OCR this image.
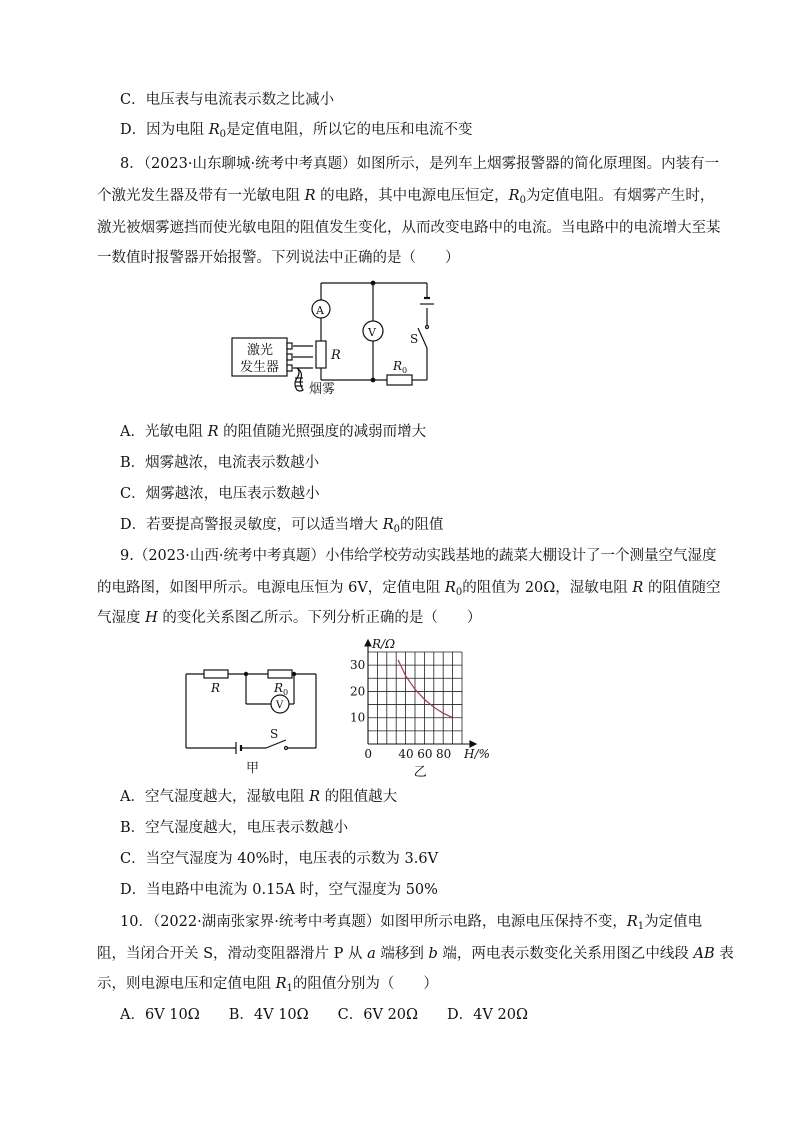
C．电压表与电流表示数之比减小
D．因为电阻 $R_0$是定值电阻，所以它的电压和电流不变
8．（2023·山东聊城·统考中考真题）如图所示，是列车上烟雾报警器的简化原理图。内装有一
个激光发生器及带有一光敏电阻 R 的电路，其中电源电压恒定，$R_0$为定值电阻。有烟雾产生时，
激光被烟雾遮挡而使光敏电阻的阻值发生变化，从而改变电路中的电流。当电路中的电流增大至某
一数值时报警器开始报警。下列说法中正确的是（　　）
激光
发生器
A
V
R
R 0
S
烟雾
A．光敏电阻 R 的阻值随光照强度的减弱而增大
B．烟雾越浓，电流表示数越小
C．烟雾越浓，电压表示数越小
D．若要提高警报灵敏度，可以适当增大 $R_0$的阻值
9.（2023·山西·统考中考真题）小伟给学校劳动实践基地的蔬菜大棚设计了一个测量空气湿度
的电路图，如图甲所示。电源电压恒为 6V，定值电阻 $R_0$的阻值为 20Ω，湿敏电阻 R 的阻值随空
气湿度 H 的变化关系图乙所示。下列分析正确的是（　　）
R	R 0
V
S
甲
0 40 60 80
10
20
30
R/Ω
H/%
乙
A．空气湿度越大，湿敏电阻 R 的阻值越大
B．空气湿度越大，电压表示数越小
C．当空气湿度为 40%时，电压表的示数为 3.6V
D．当电路中电流为 0.15A 时，空气湿度为 50%
10．（2022·湖南张家界·统考中考真题）如图甲所示电路，电源电压保持不变，$R_1$为定值电
阻，当闭合开关 S，滑动变阻器滑片 P 从 a 端移到 b 端，两电表示数变化关系用图乙中线段 AB 表
示，则电源电压和定值电阻 $R_1$的阻值分别为（　　）
A．6V 10Ω　　B．4V 10Ω　　C．6V 20Ω　　D．4V 20Ω
